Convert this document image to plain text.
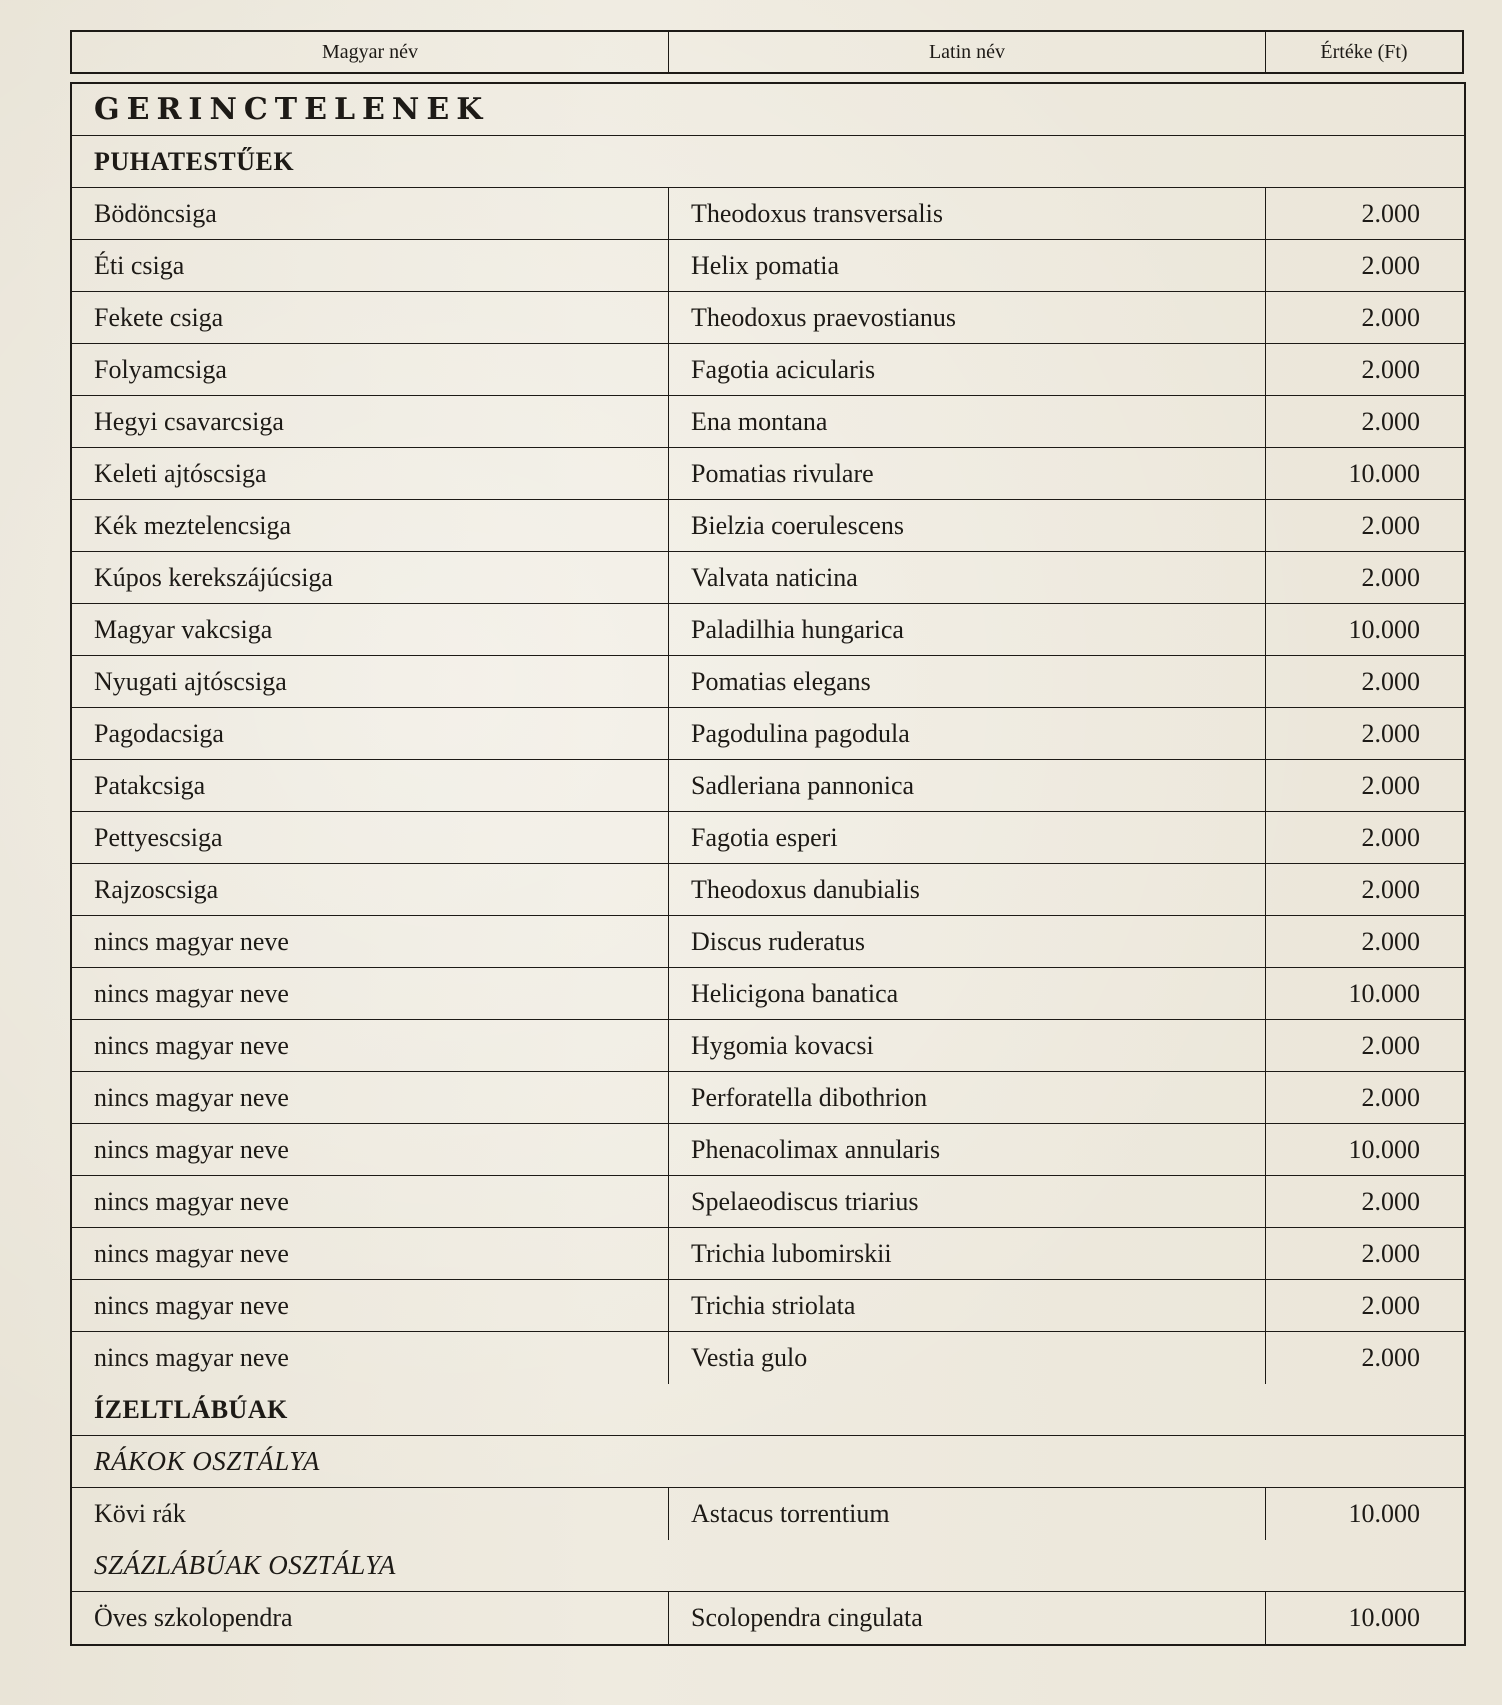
Magyar név	Latin név	Értéke (Ft)
GERINCTELENEK
PUHATESTŰEK
Bödöncsiga	Theodoxus transversalis	2.000
Éti csiga	Helix pomatia	2.000
Fekete csiga	Theodoxus praevostianus	2.000
Folyamcsiga	Fagotia acicularis	2.000
Hegyi csavarcsiga	Ena montana	2.000
Keleti ajtóscsiga	Pomatias rivulare	10.000
Kék meztelencsiga	Bielzia coerulescens	2.000
Kúpos kerekszájúcsiga	Valvata naticina	2.000
Magyar vakcsiga	Paladilhia hungarica	10.000
Nyugati ajtóscsiga	Pomatias elegans	2.000
Pagodacsiga	Pagodulina pagodula	2.000
Patakcsiga	Sadleriana pannonica	2.000
Pettyescsiga	Fagotia esperi	2.000
Rajzoscsiga	Theodoxus danubialis	2.000
nincs magyar neve	Discus ruderatus	2.000
nincs magyar neve	Helicigona banatica	10.000
nincs magyar neve	Hygomia kovacsi	2.000
nincs magyar neve	Perforatella dibothrion	2.000
nincs magyar neve	Phenacolimax annularis	10.000
nincs magyar neve	Spelaeodiscus triarius	2.000
nincs magyar neve	Trichia lubomirskii	2.000
nincs magyar neve	Trichia striolata	2.000
nincs magyar neve	Vestia gulo	2.000
ÍZELTLÁBÚAK
RÁKOK OSZTÁLYA
Kövi rák	Astacus torrentium	10.000
SZÁZLÁBÚAK OSZTÁLYA
Öves szkolopendra	Scolopendra cingulata	10.000
